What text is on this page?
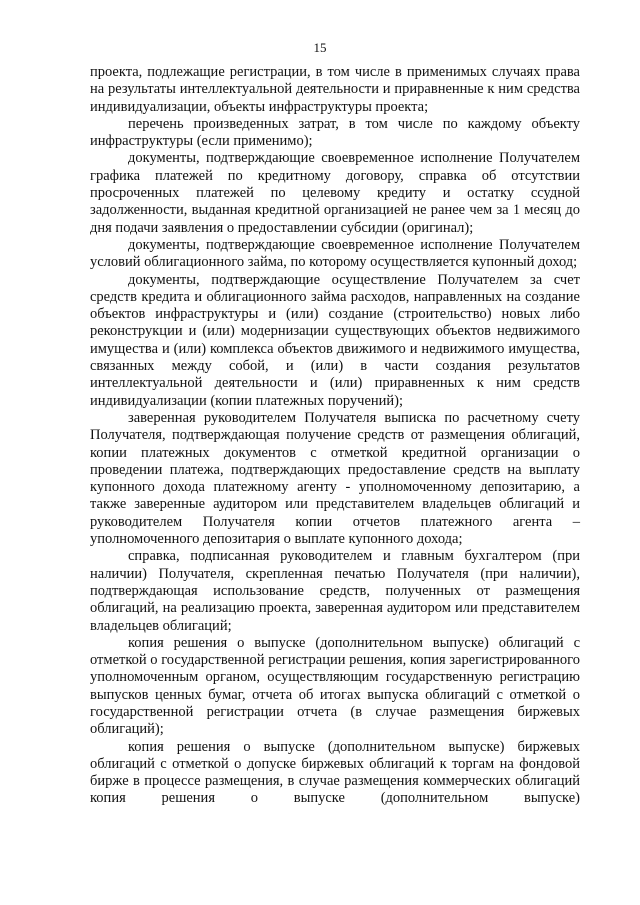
15

проекта, подлежащие регистрации, в том числе в применимых случаях права на результаты интеллектуальной деятельности и приравненные к ним средства индивидуализации, объекты инфраструктуры проекта;

перечень произведенных затрат, в том числе по каждому объекту инфраструктуры (если применимо);

документы, подтверждающие своевременное исполнение Получателем графика платежей по кредитному договору, справка об отсутствии просроченных платежей по целевому кредиту и остатку ссудной задолженности, выданная кредитной организацией не ранее чем за 1 месяц до дня подачи заявления о предоставлении субсидии (оригинал);

документы, подтверждающие своевременное исполнение Получателем условий облигационного займа, по которому осуществляется купонный доход;

документы, подтверждающие осуществление Получателем за счет средств кредита и облигационного займа расходов, направленных на создание объектов инфраструктуры и (или) создание (строительство) новых либо реконструкции и (или) модернизации существующих объектов недвижимого имущества и (или) комплекса объектов движимого и недвижимого имущества, связанных между собой, и (или) в части создания результатов интеллектуальной деятельности и (или) приравненных к ним средств индивидуализации (копии платежных поручений);

заверенная руководителем Получателя выписка по расчетному счету Получателя, подтверждающая получение средств от размещения облигаций, копии платежных документов с отметкой кредитной организации о проведении платежа, подтверждающих предоставление средств на выплату купонного дохода платежному агенту - уполномоченному депозитарию, а также заверенные аудитором или представителем владельцев облигаций и руководителем Получателя копии отчетов платежного агента – уполномоченного депозитария о выплате купонного дохода;

справка, подписанная руководителем и главным бухгалтером (при наличии) Получателя, скрепленная печатью Получателя (при наличии), подтверждающая использование средств, полученных от размещения облигаций, на реализацию проекта, заверенная аудитором или представителем владельцев облигаций;

копия решения о выпуске (дополнительном выпуске) облигаций с отметкой о государственной регистрации решения, копия зарегистрированного уполномоченным органом, осуществляющим государственную регистрацию выпусков ценных бумаг, отчета об итогах выпуска облигаций с отметкой о государственной регистрации отчета (в случае размещения биржевых облигаций);

копия решения о выпуске (дополнительном выпуске) биржевых облигаций с отметкой о допуске биржевых облигаций к торгам на фондовой бирже в процессе размещения, в случае размещения коммерческих облигаций копия решения о выпуске (дополнительном выпуске)
